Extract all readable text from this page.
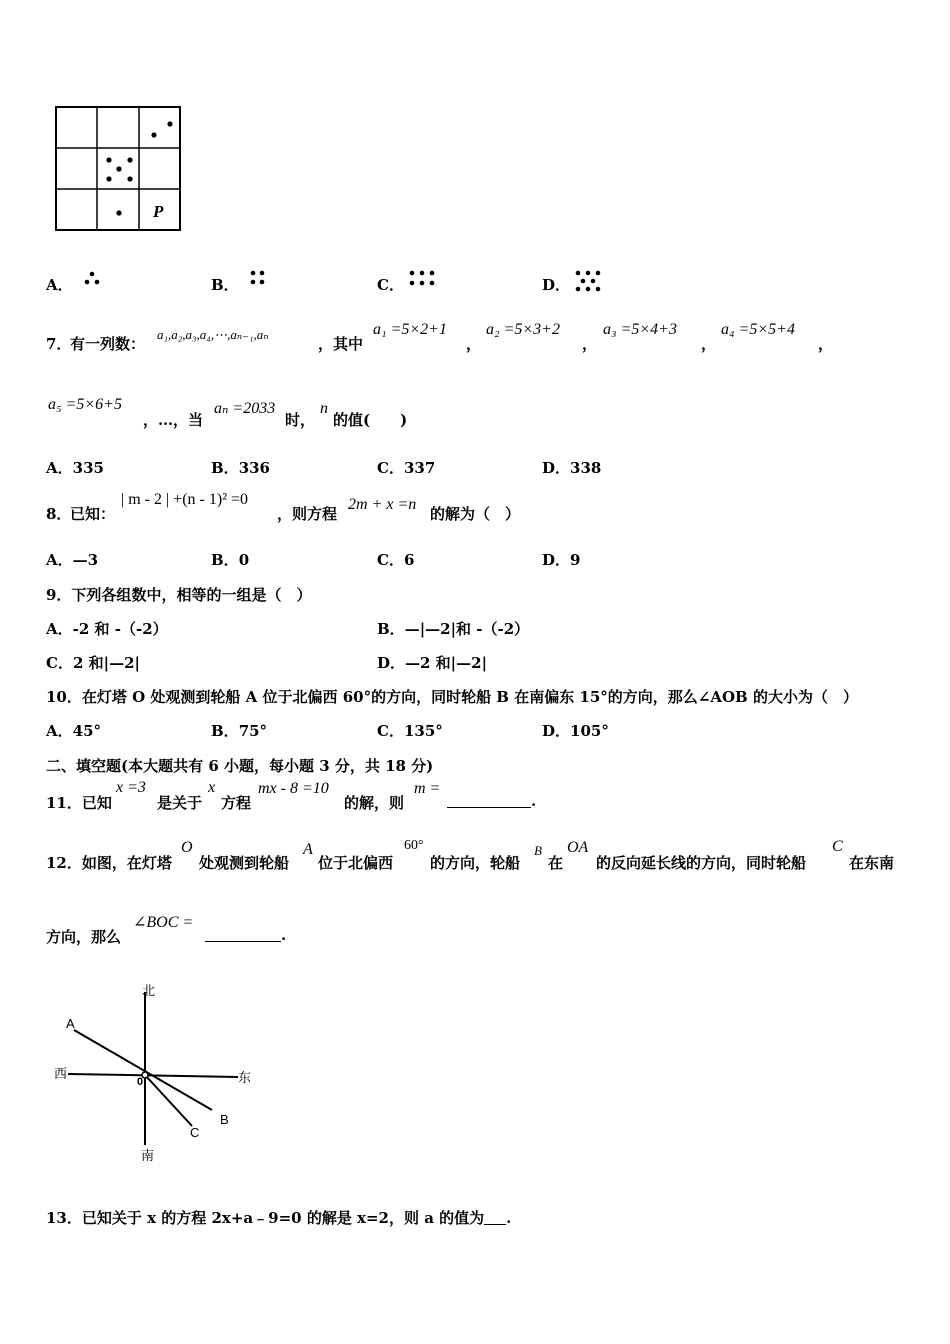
P
A．	B．	C．	D．
7．
有一列数：
a₁,a₂,a₃,a₄,⋯,aₙ₋₁,aₙ
，其中
a₁ =5×2+1
，
a₂ =5×3+2
，
a₃ =5×4+3
，
a₄ =5×5+4
，
a₅ =5×6+5
，…，当
aₙ =2033
时，
n
的值(　　)
A．335	B．336	C．337	D．338
8．
已知：
| m - 2 | +(n - 1)² =0
，则方程
2m + x =n
的解为（　）
A．—3	B．0	C．6	D．9
9．下列各组数中，相等的一组是（　）
A．-2 和 -（-2）	B．—|—2|和 -（-2）
C．2 和|—2|	D．—2 和|—2|
10．在灯塔 O 处观测到轮船 A 位于北偏西 60°的方向，同时轮船 B 在南偏东 15°的方向，那么∠AOB 的大小为（　）
A．45°	B．75°	C．135°	D．105°
二、填空题(本大题共有 6 小题，每小题 3 分，共 18 分)
11．已知
x =3
是关于
x
方程
mx - 8 =10
的解，则
m =
.
12．如图，在灯塔
O
处观测到轮船
A
位于北偏西
60°
的方向，轮船
B
在
OA
的反向延长线的方向，同时轮船
C
在东南
方向，那么
∠BOC =
.
北
南
西	东
A
B
C
0
13．已知关于 x 的方程 2x+a﹣9=0 的解是 x=2，则 a 的值为 .
